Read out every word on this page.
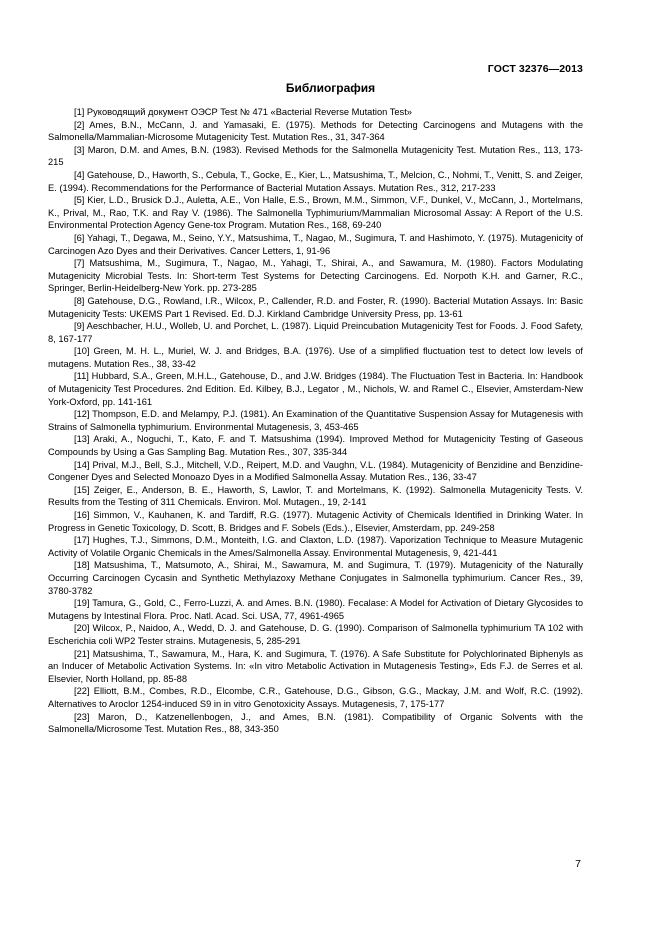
ГОСТ 32376—2013
Библиография

[1] Руководящий документ ОЭСР Test № 471 «Bacterial Reverse Mutation Test»

[2] Ames, B.N., McCann, J. and Yamasaki, E. (1975). Methods for Detecting Carcinogens and Mutagens with the Salmonella/Mammalian-Microsome Mutagenicity Test. Mutation Res., 31, 347-364

[3] Maron, D.M. and Ames, B.N. (1983). Revised Methods for the Salmonella Mutagenicity Test. Mutation Res., 113, 173-215

[4] Gatehouse, D., Haworth, S., Cebula, T., Gocke, E., Kier, L., Matsushima, T., Melcion, C., Nohmi, T., Venitt, S. and Zeiger, E. (1994). Recommendations for the Performance of Bacterial Mutation Assays. Mutation Res., 312, 217-233

[5] Kier, L.D., Brusick D.J., Auletta, A.E., Von Halle, E.S., Brown, M.M., Simmon, V.F., Dunkel, V., McCann, J., Mortelmans, K., Prival, M., Rao, T.K. and Ray V. (1986). The Salmonella Typhimurium/Mammalian Microsomal Assay: A Report of the U.S. Environmental Protection Agency Gene-tox Program. Mutation Res., 168, 69-240

[6] Yahagi, T., Degawa, M., Seino, Y.Y., Matsushima, T., Nagao, M., Sugimura, T. and Hashimoto, Y. (1975). Mutagenicity of Carcinogen Azo Dyes and their Derivatives. Cancer Letters, 1, 91-96

[7] Matsushima, M., Sugimura, T., Nagao, M., Yahagi, T., Shirai, A., and Sawamura, M. (1980). Factors Modulating Mutagenicity Microbial Tests. In: Short-term Test Systems for Detecting Carcinogens. Ed. Norpoth K.H. and Garner, R.C., Springer, Berlin-Heidelberg-New York. pp. 273-285

[8] Gatehouse, D.G., Rowland, I.R., Wilcox, P., Callender, R.D. and Foster, R. (1990). Bacterial Mutation Assays. In: Basic Mutagenicity Tests: UKEMS Part 1 Revised. Ed. D.J. Kirkland Cambridge University Press, pp. 13-61

[9] Aeschbacher, H.U., Wolleb, U. and Porchet, L. (1987). Liquid Preincubation Mutagenicity Test for Foods. J. Food Safety, 8, 167-177

[10] Green, M. H. L., Muriel, W. J. and Bridges, B.A. (1976). Use of a simplified fluctuation test to detect low levels of mutagens. Mutation Res., 38, 33-42

[11] Hubbard, S.A., Green, M.H.L., Gatehouse, D., and J.W. Bridges (1984). The Fluctuation Test in Bacteria. In: Handbook of Mutagenicity Test Procedures. 2nd Edition. Ed. Kilbey, B.J., Legator , M., Nichols, W. and Ramel C., Elsevier, Amsterdam-New York-Oxford, pp. 141-161

[12] Thompson, E.D. and Melampy, P.J. (1981). An Examination of the Quantitative Suspension Assay for Mutagenesis with Strains of Salmonella typhimurium. Environmental Mutagenesis, 3, 453-465

[13] Araki, A., Noguchi, T., Kato, F. and T. Matsushima (1994). Improved Method for Mutagenicity Testing of Gaseous Compounds by Using a Gas Sampling Bag. Mutation Res., 307, 335-344

[14] Prival, M.J., Bell, S.J., Mitchell, V.D., Reipert, M.D. and Vaughn, V.L. (1984). Mutagenicity of Benzidine and Benzidine-Congener Dyes and Selected Monoazo Dyes in a Modified Salmonella Assay. Mutation Res., 136, 33-47

[15] Zeiger, E., Anderson, B. E., Haworth, S, Lawlor, T. and Mortelmans, K. (1992). Salmonella Mutagenicity Tests. V. Results from the Testing of 311 Chemicals. Environ. Mol. Mutagen., 19, 2-141

[16] Simmon, V., Kauhanen, K. and Tardiff, R.G. (1977). Mutagenic Activity of Chemicals Identified in Drinking Water. In Progress in Genetic Toxicology, D. Scott, B. Bridges and F. Sobels (Eds.)., Elsevier, Amsterdam, pp. 249-258

[17] Hughes, T.J., Simmons, D.M., Monteith, I.G. and Claxton, L.D. (1987). Vaporization Technique to Measure Mutagenic Activity of Volatile Organic Chemicals in the Ames/Salmonella Assay. Environmental Mutagenesis, 9, 421-441

[18] Matsushima, T., Matsumoto, A., Shirai, M., Sawamura, M. and Sugimura, T. (1979). Mutagenicity of the Naturally Occurring Carcinogen Cycasin and Synthetic Methylazoxy Methane Conjugates in Salmonella typhimurium. Cancer Res., 39, 3780-3782

[19] Tamura, G., Gold, C., Ferro-Luzzi, A. and Ames. B.N. (1980). Fecalase: A Model for Activation of Dietary Glycosides to Mutagens by Intestinal Flora. Proc. Natl. Acad. Sci. USA, 77, 4961-4965

[20] Wilcox, P., Naidoo, A., Wedd, D. J. and Gatehouse, D. G. (1990). Comparison of Salmonella typhimurium TA 102 with Escherichia coli WP2 Tester strains. Mutagenesis, 5, 285-291

[21] Matsushima, T., Sawamura, M., Hara, K. and Sugimura, T. (1976). A Safe Substitute for Polychlorinated Biphenyls as an Inducer of Metabolic Activation Systems. In: «In vitro Metabolic Activation in Mutagenesis Testing», Eds F.J. de Serres et al. Elsevier, North Holland, pp. 85-88

[22] Elliott, B.M., Combes, R.D., Elcombe, C.R., Gatehouse, D.G., Gibson, G.G., Mackay, J.M. and Wolf, R.C. (1992). Alternatives to Aroclor 1254-induced S9 in in vitro Genotoxicity Assays. Mutagenesis, 7, 175-177

[23] Maron, D., Katzenellenbogen, J., and Ames, B.N. (1981). Compatibility of Organic Solvents with the Salmonella/Microsome Test. Mutation Res., 88, 343-350

7
